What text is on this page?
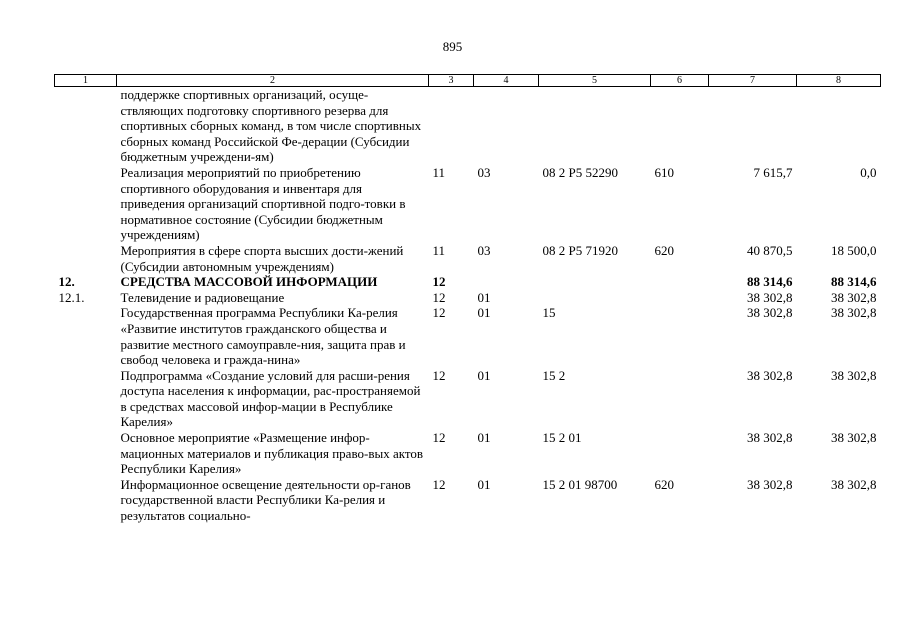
895
1	2	3	4	5	6	7	8
	поддержке спортивных организаций, осуще-ствляющих подготовку спортивного резерва для спортивных сборных команд, в том числе спортивных сборных команд Российской Фе-дерации (Субсидии бюджетным учреждени-ям)						
	Реализация мероприятий по приобретению спортивного оборудования и инвентаря для приведения организаций спортивной подго-товки в нормативное состояние (Субсидии бюджетным учреждениям)	11	03	08 2 P5 52290	610	7 615,7	0,0
	Мероприятия в сфере спорта высших дости-жений (Субсидии автономным учреждениям)	11	03	08 2 P5 71920	620	40 870,5	18 500,0
12.	СРЕДСТВА МАССОВОЙ ИНФОРМАЦИИ	12				88 314,6	88 314,6
12.1.	Телевидение и радиовещание	12	01			38 302,8	38 302,8
	Государственная программа Республики Ка-релия «Развитие институтов гражданского общества и развитие местного самоуправле-ния, защита прав и свобод человека и гражда-нина»	12	01	15		38 302,8	38 302,8
	Подпрограмма «Создание условий для расши-рения доступа населения к информации, рас-пространяемой в средствах массовой инфор-мации в Республике Карелия»	12	01	15 2		38 302,8	38 302,8
	Основное мероприятие «Размещение инфор-мационных материалов и публикация право-вых актов Республики Карелия»	12	01	15 2 01		38 302,8	38 302,8
	Информационное освещение деятельности ор-ганов государственной власти Республики Ка-релия и результатов социально-	12	01	15 2 01 98700	620	38 302,8	38 302,8
